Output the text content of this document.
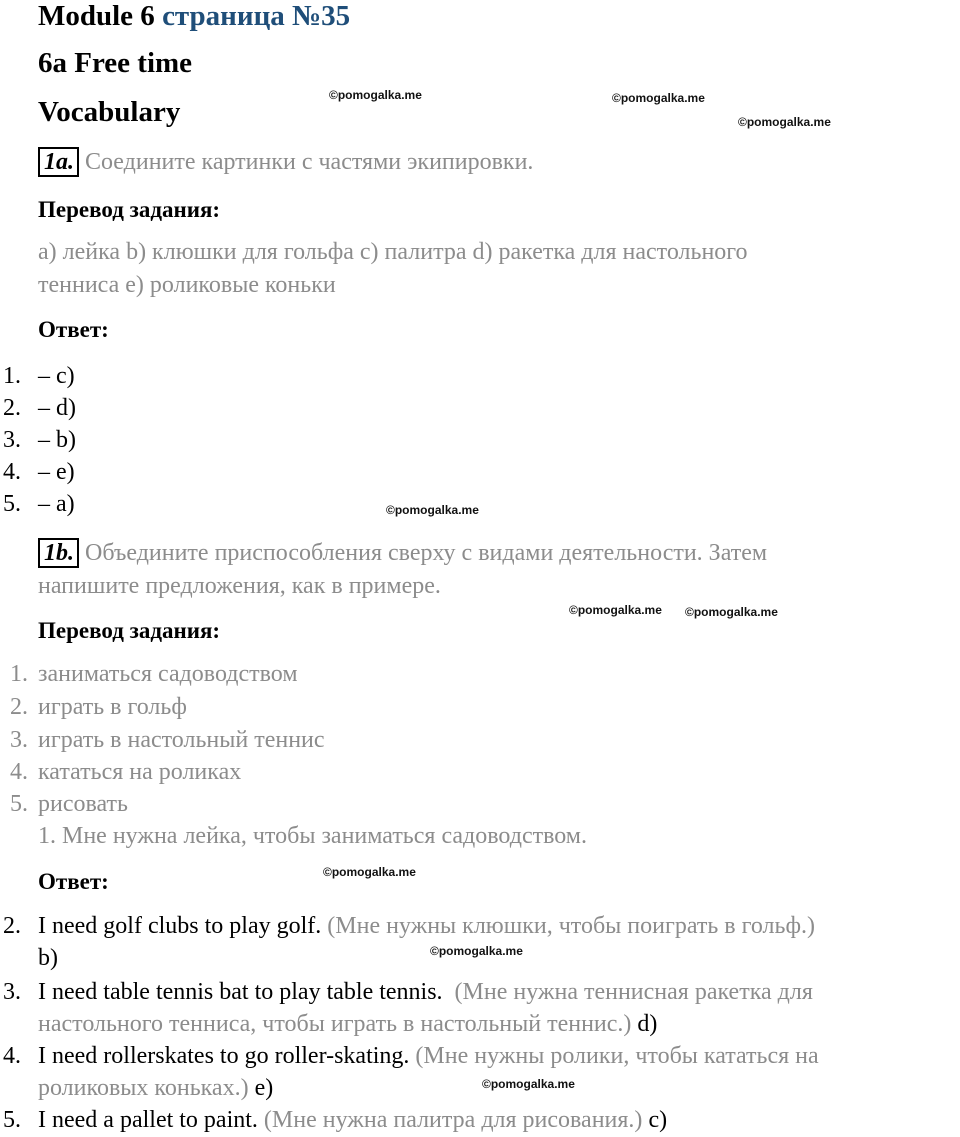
Module 6 страница №35
6a Free time
Vocabulary
©pomogalka.me	©pomogalka.me
©pomogalka.me
©pomogalka.me
©pomogalka.me ©pomogalka.me
©pomogalka.me
©pomogalka.me
©pomogalka.me
1a. Соедините картинки с частями экипировки.
Перевод задания:
a) лейка b) клюшки для гольфа c) палитра d) ракетка для настольного
тенниса e) роликовые коньки
Ответ:
1. – c)
2. – d)
3. – b)
4. – e)
5. – a)
1b. Объедините приспособления сверху с видами деятельности. Затем
напишите предложения, как в примере.
Перевод задания:
1. заниматься садоводством
2. играть в гольф
3. играть в настольный теннис
4. кататься на роликах
5. рисовать
1. Мне нужна лейка, чтобы заниматься садоводством.
Ответ:
2. I need golf clubs to play golf. (Мне нужны клюшки, чтобы поиграть в гольф.)
b)
3. I need table tennis bat to play table tennis. (Мне нужна теннисная ракетка для
настольного тенниса, чтобы играть в настольный теннис.) d)
4. I need rollerskates to go roller-skating. (Мне нужны ролики, чтобы кататься на
роликовых коньках.) e)
5. I need a pallet to paint. (Мне нужна палитра для рисования.) c)
